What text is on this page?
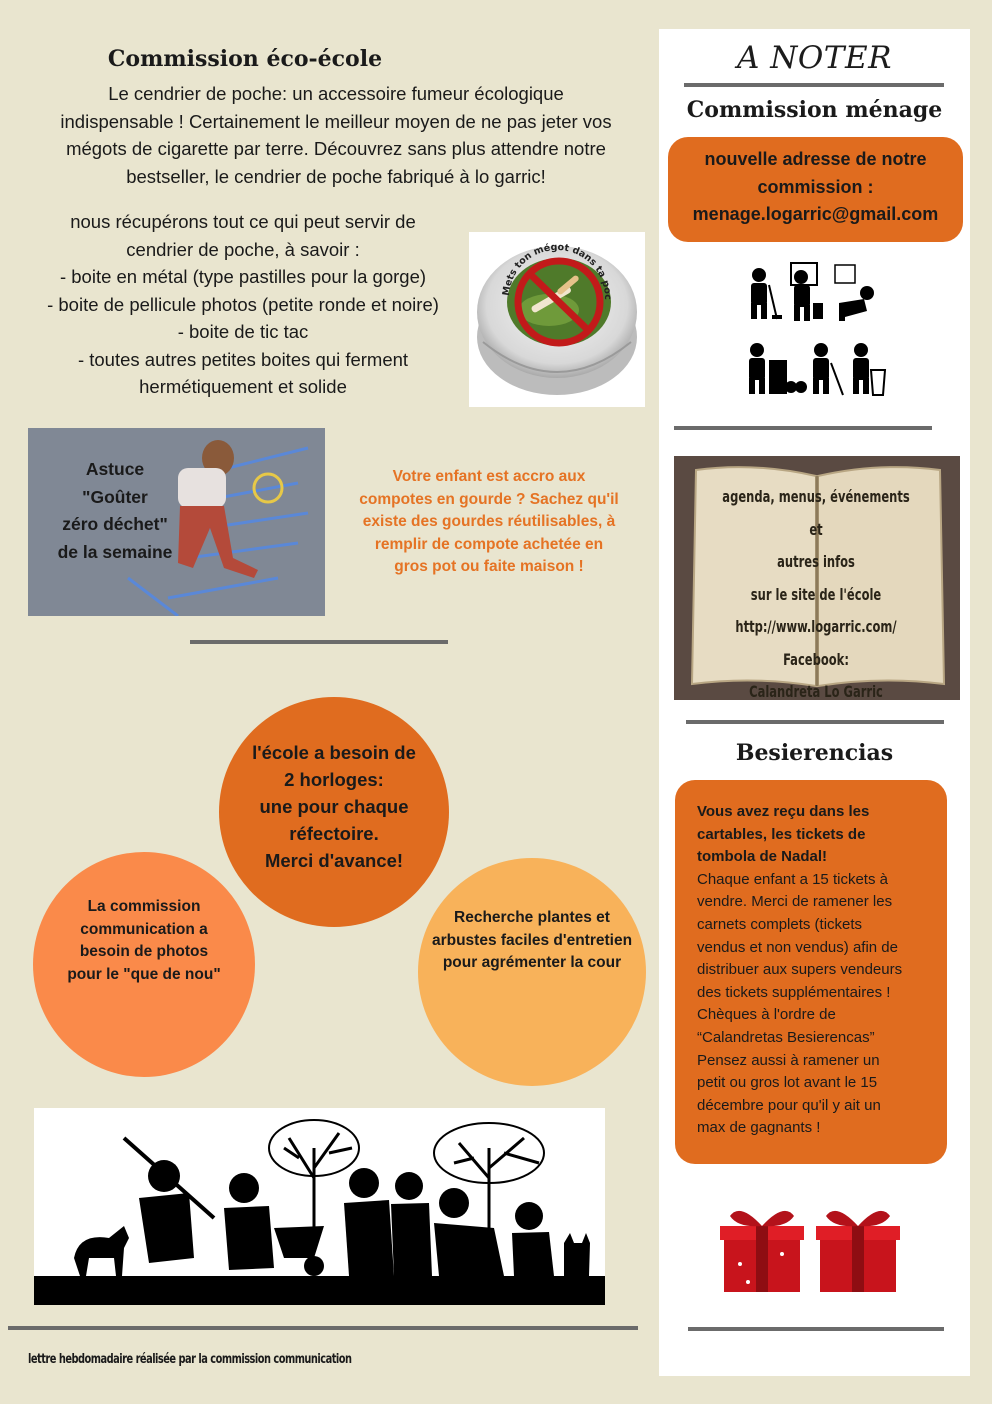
Commission éco-école
Le cendrier de poche: un accessoire fumeur écologique
indispensable ! Certainement le meilleur moyen de ne pas jeter vos
mégots de cigarette par terre. Découvrez sans plus attendre notre
bestseller, le cendrier de poche fabriqué à lo garric!
nous récupérons tout ce qui peut servir de
cendrier de poche, à savoir :
- boite en métal (type pastilles pour la gorge)
- boite de pellicule photos (petite ronde et noire)
- boite de tic tac
- toutes autres petites boites qui ferment
hermétiquement et solide
Mets ton mégot dans ta poc
Astuce
"Goûter
zéro déchet"
de la semaine
Votre enfant est accro aux
compotes en gourde ? Sachez qu'il
existe des gourdes réutilisables, à
remplir de compote achetée en
gros pot ou faite maison !
l'école a besoin de
2 horloges:
une pour chaque
réfectoire.
Merci d'avance!
La commission
communication a
besoin de photos
pour le "que de nou"
Recherche plantes et
arbustes faciles d'entretien
pour agrémenter la cour
lettre hebdomadaire réalisée par la commission communication
A NOTER
Commission ménage
nouvelle adresse de notre
commission :
menage.logarric@gmail.com
agenda, menus, événements et
autres infos
sur le site de l'école
http://www.logarric.com/
Facebook:
Calandreta Lo Garric
Besierencias
Vous avez reçu dans les
cartables, les tickets de
tombola de Nadal!
Chaque enfant a 15 tickets à
vendre. Merci de ramener les
carnets complets (tickets
vendus et non vendus) afin de
distribuer aux supers vendeurs
des tickets supplémentaires !
Chèques à l'ordre de
“Calandretas Besierencas”
Pensez aussi à ramener un
petit ou gros lot avant le 15
décembre pour qu'il y ait un
max de gagnants !
